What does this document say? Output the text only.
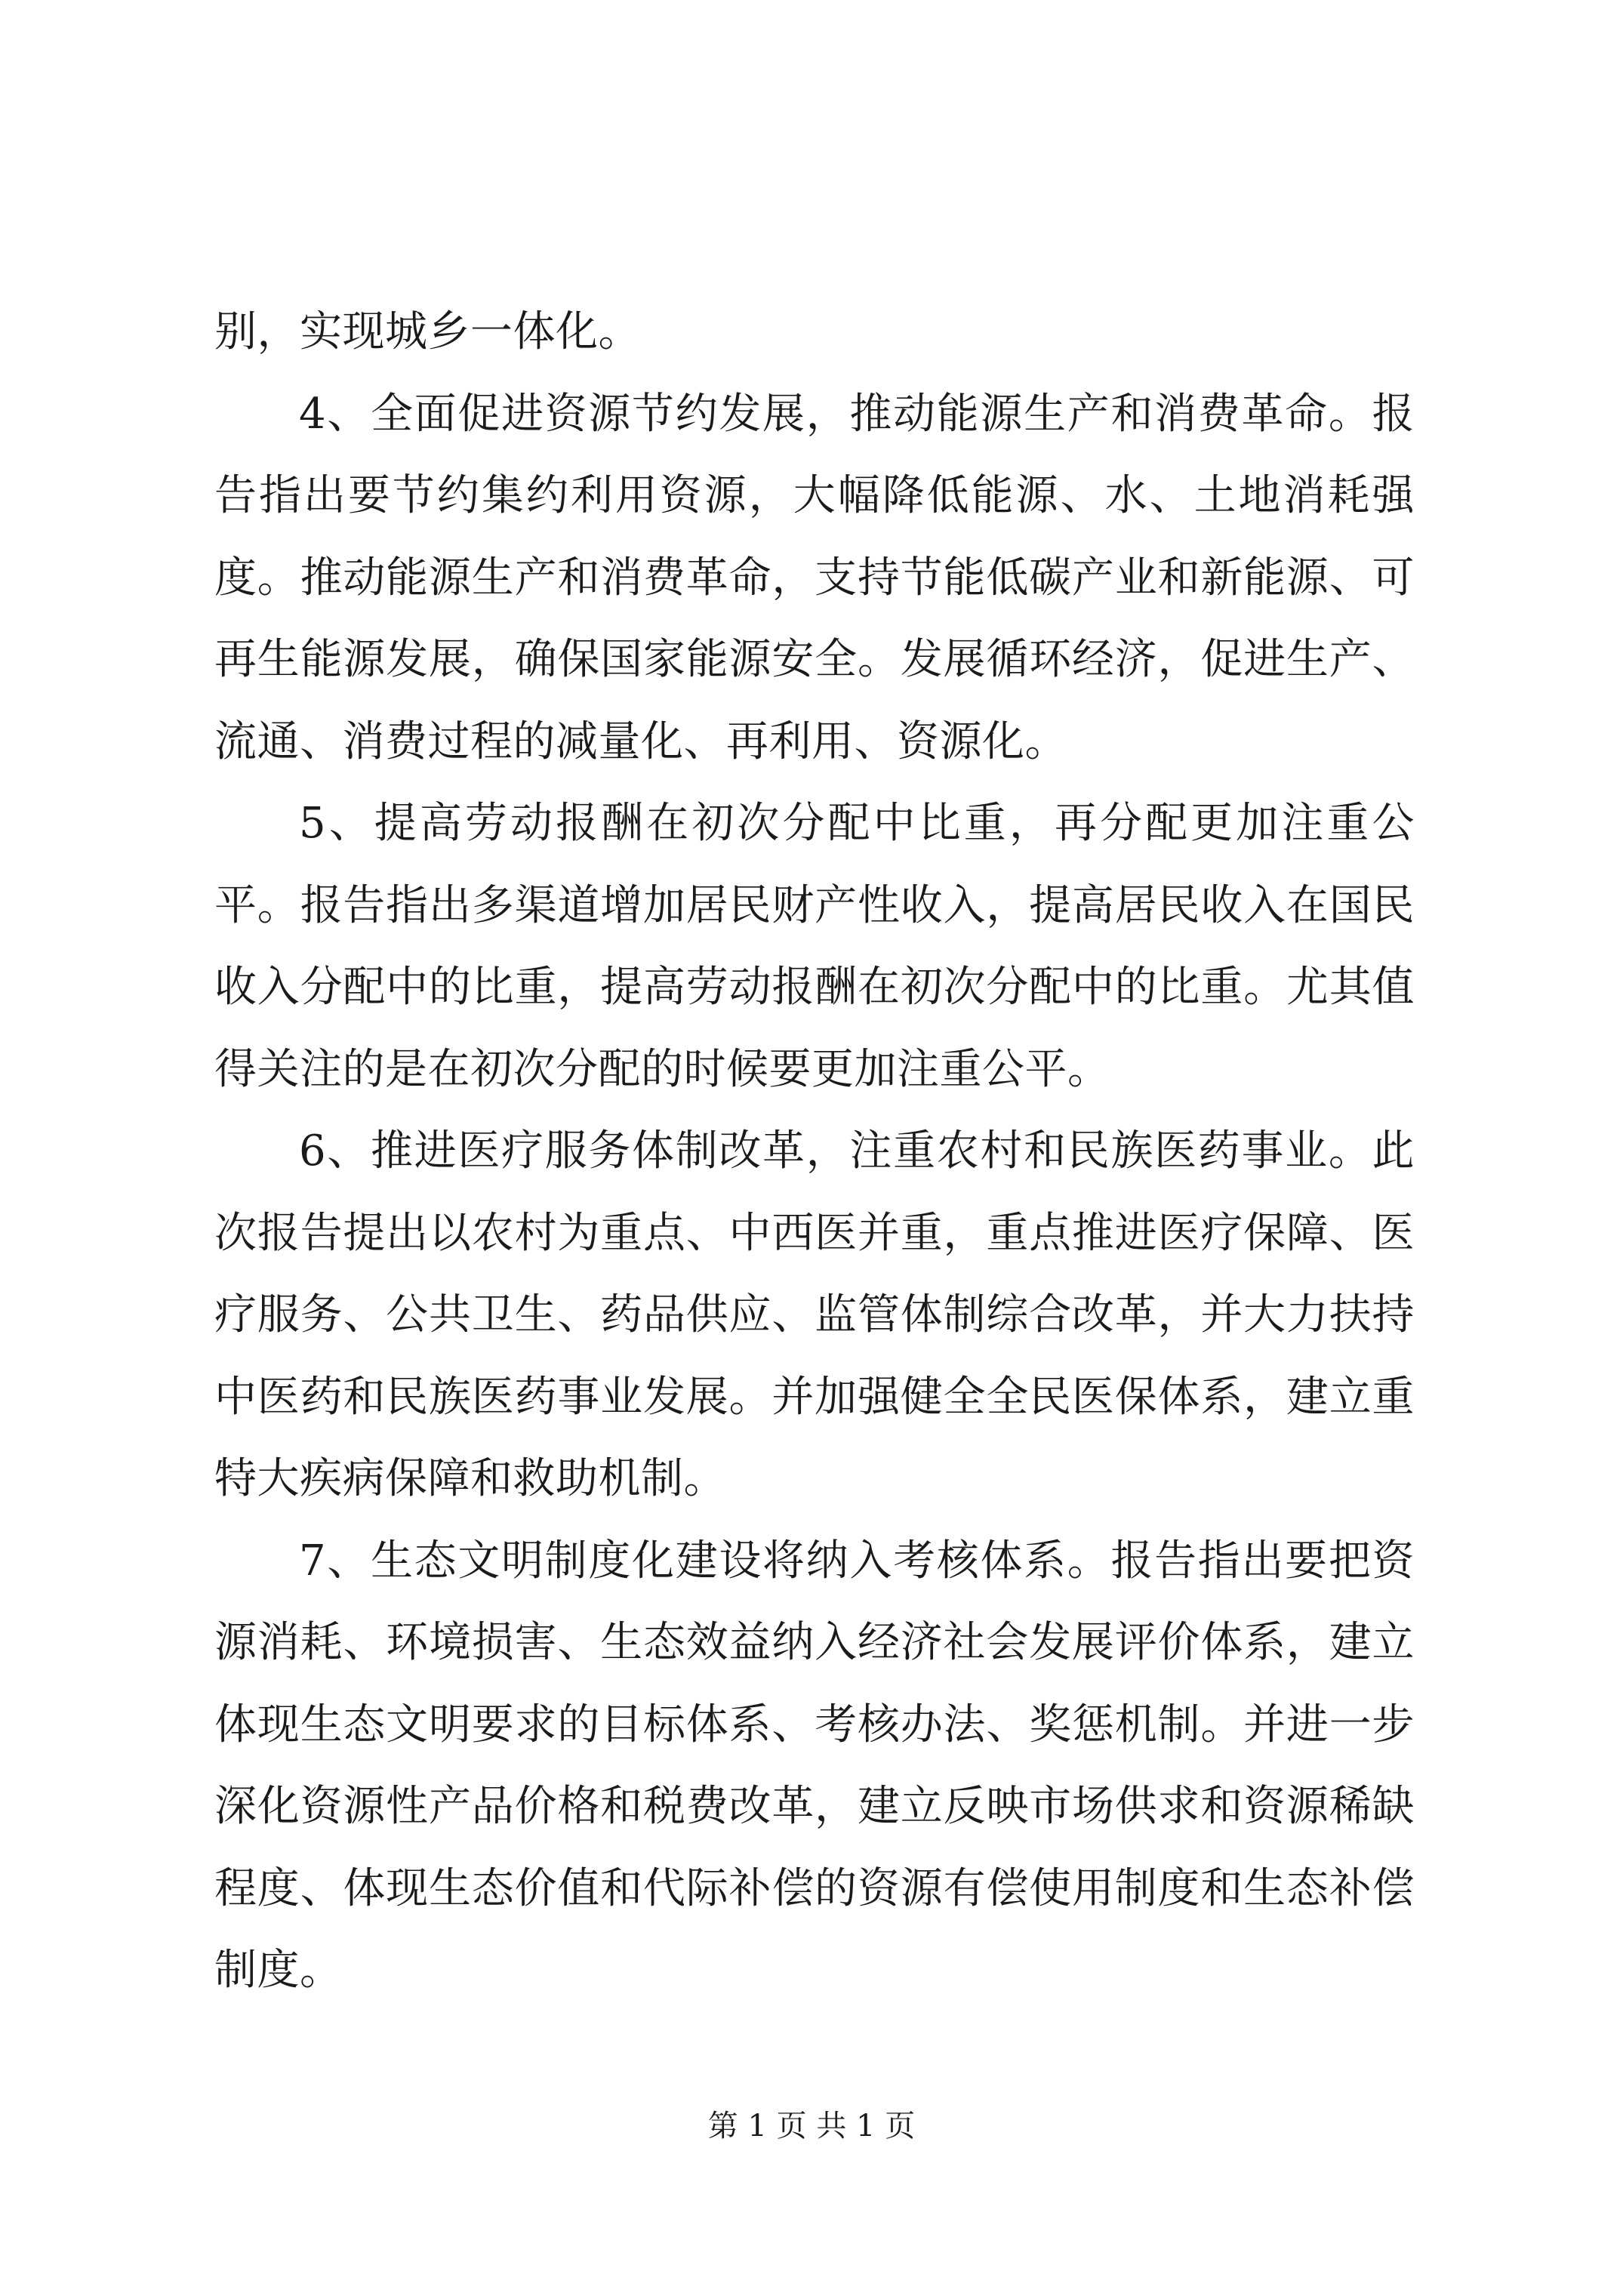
别，实现城乡一体化。

4、全面促进资源节约发展，推动能源生产和消费革命。报告指出要节约集约利用资源，大幅降低能源、水、土地消耗强度。推动能源生产和消费革命，支持节能低碳产业和新能源、可再生能源发展，确保国家能源安全。发展循环经济，促进生产、流通、消费过程的减量化、再利用、资源化。

5、提高劳动报酬在初次分配中比重，再分配更加注重公平。报告指出多渠道增加居民财产性收入，提高居民收入在国民收入分配中的比重，提高劳动报酬在初次分配中的比重。尤其值得关注的是在初次分配的时候要更加注重公平。

6、推进医疗服务体制改革，注重农村和民族医药事业。此次报告提出以农村为重点、中西医并重，重点推进医疗保障、医疗服务、公共卫生、药品供应、监管体制综合改革，并大力扶持中医药和民族医药事业发展。并加强健全全民医保体系，建立重特大疾病保障和救助机制。

7、生态文明制度化建设将纳入考核体系。报告指出要把资源消耗、环境损害、生态效益纳入经济社会发展评价体系，建立体现生态文明要求的目标体系、考核办法、奖惩机制。并进一步深化资源性产品价格和税费改革，建立反映市场供求和资源稀缺程度、体现生态价值和代际补偿的资源有偿使用制度和生态补偿制度。

第 1 页 共 1 页
